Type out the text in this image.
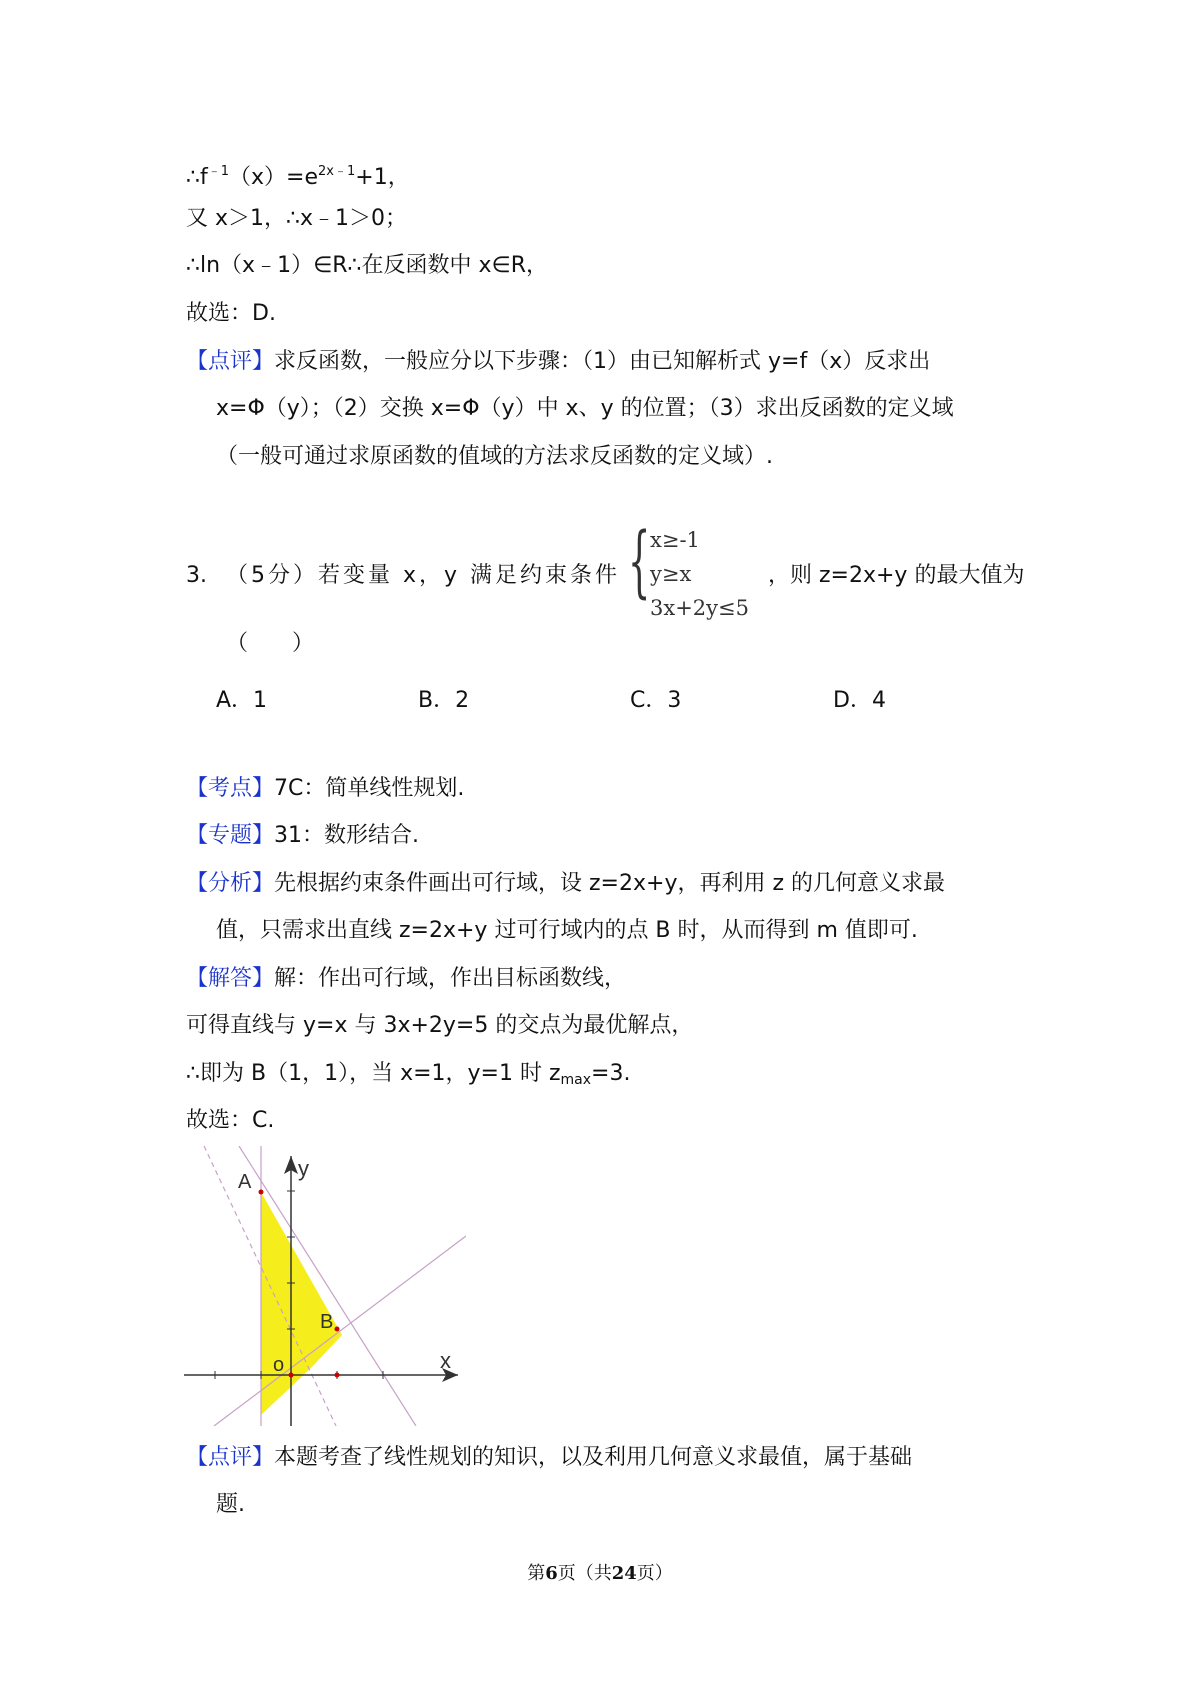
$\therefore f^{﹣1}(x)=e^{2x﹣1}+1$，
又 x＞1，∴x﹣1＞0；
∴ln（x﹣1）∈R∴在反函数中 x∈R，
故选：D.
【点评】求反函数，一般应分以下步骤：（1）由已知解析式 y=f（x）反求出
x=Φ（y）；（2）交换 x=Φ（y）中 x、y 的位置；（3）求出反函数的定义域
（一般可通过求原函数的值域的方法求反函数的定义域）.
3. （5分）若变量 x，y 满足约束条件 { x≥-1
y≥x
3x+2y≤5
，则 z=2x+y 的最大值为
（　　）
A．1	B．2	C．3	D．4
【考点】7C：简单线性规划.
【专题】31：数形结合.
【分析】先根据约束条件画出可行域，设 z=2x+y，再利用 z 的几何意义求最
值，只需求出直线 z=2x+y 过可行域内的点 B 时，从而得到 m 值即可.
【解答】解：作出可行域，作出目标函数线，
可得直线与 y=x 与 3x+2y=5 的交点为最优解点，
∴即为 B（1，1），当 x=1，y=1 时 $z_{max}=3$.
故选：C.
A
B
o	x
y
【点评】本题考查了线性规划的知识，以及利用几何意义求最值，属于基础
题.
第6页（共24页）
